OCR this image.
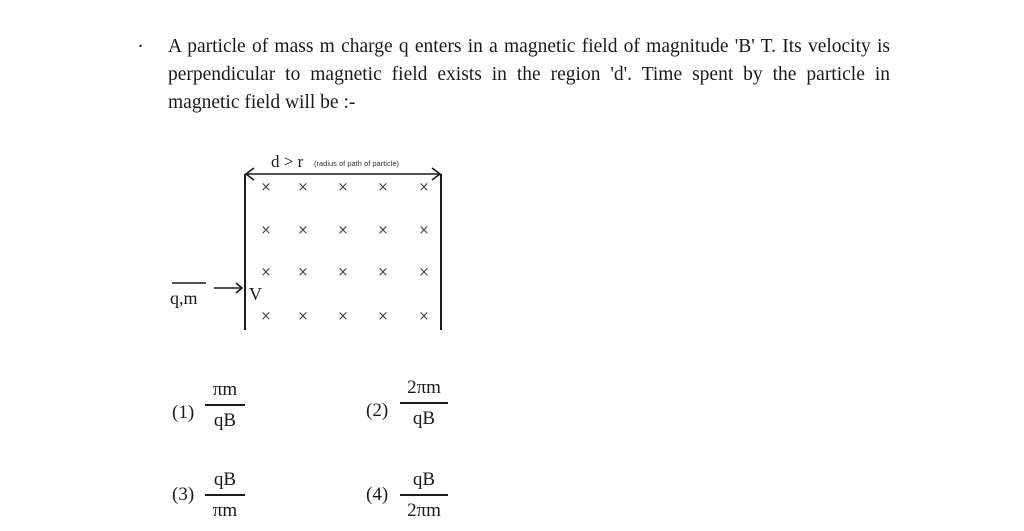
. A particle of mass m charge q enters in a magnetic field of magnitude 'B' T. Its velocity is perpendicular to magnetic field exists in the region 'd'. Time spent by the particle in magnetic field will be :-
d > r (radius of path of particle)
× × × × ×
× × × × ×
× × × × ×
× × × × ×
q,m	V
(1)
πm
qB	(2)
2πm
qB
(3)
qB
πm
(4)
qB
2πm
